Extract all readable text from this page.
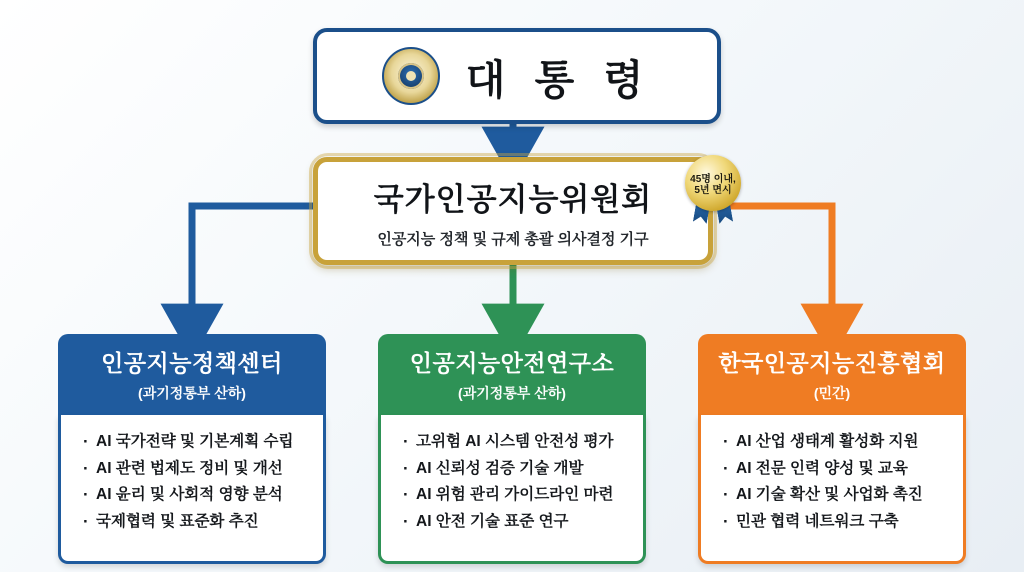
대 통 령
국가인공지능위원회
인공지능 정책 및 규제 총괄 의사결정 기구
45명 이내,
5년 면시
인공지능정책센터
(과기정통부 산하)
· AI 국가전략 및 기본계획 수립
· AI 관련 법제도 정비 및 개선
· AI 윤리 및 사회적 영향 분석
· 국제협력 및 표준화 추진
인공지능안전연구소
(과기정통부 산하)
· 고위험 AI 시스템 안전성 평가
· AI 신뢰성 검증 기술 개발
· AI 위험 관리 가이드라인 마련
· AI 안전 기술 표준 연구
한국인공지능진흥협회
(민간)
· AI 산업 생태계 활성화 지원
· AI 전문 인력 양성 및 교육
· AI 기술 확산 및 사업화 촉진
· 민관 협력 네트워크 구축
